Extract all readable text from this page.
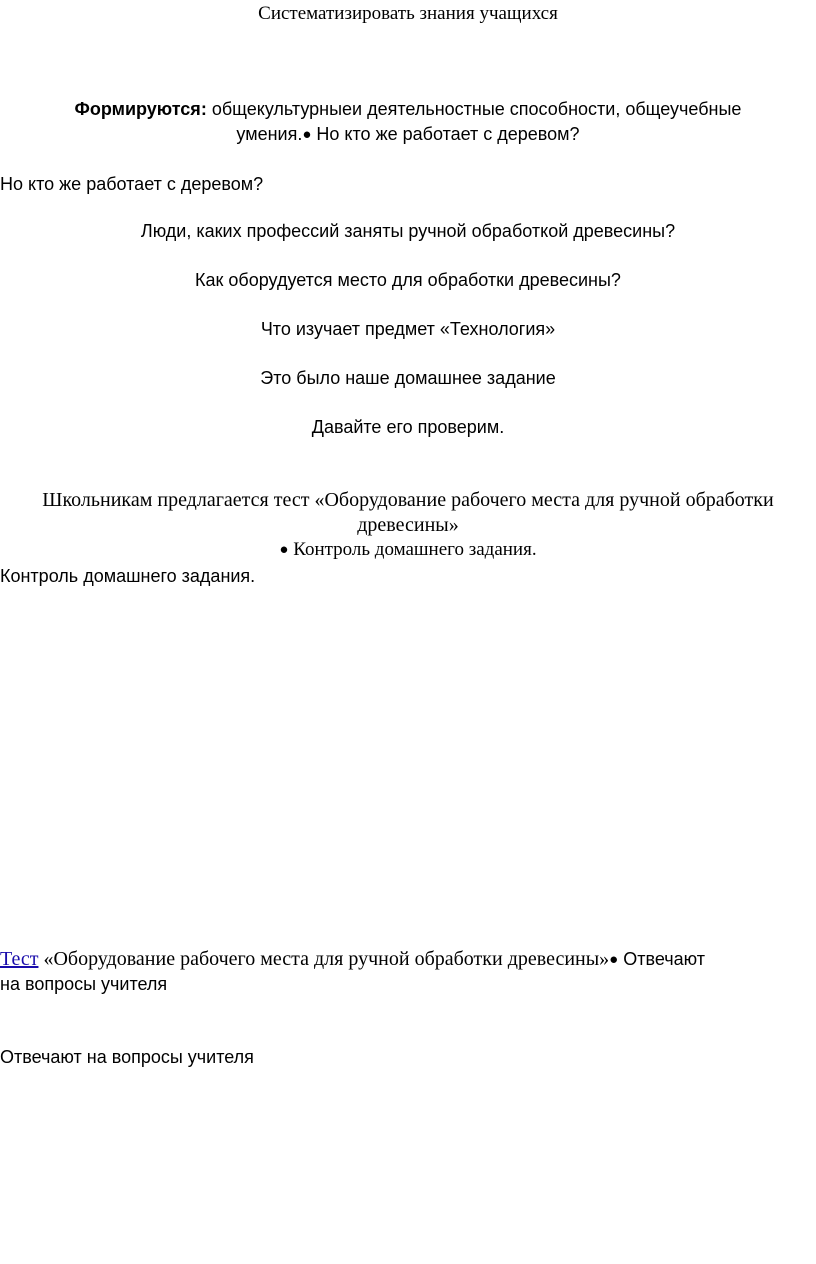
Систематизировать знания учащихся
Формируются: общекультурныеи деятельностные способности, общеучебные
умения.● Но кто же работает с деревом?
Но кто же работает с деревом?
Люди, каких профессий заняты ручной обработкой древесины?
Как оборудуется место для обработки древесины?
Что изучает предмет «Технология»
Это было наше домашнее задание
Давайте его проверим.
Школьникам предлагается тест «Оборудование рабочего места для ручной обработки
древесины»
● Контроль домашнего задания.
Контроль домашнего задания.
Тест «Оборудование рабочего места для ручной обработки древесины»● Отвечают
на вопросы учителя
Отвечают на вопросы учителя
